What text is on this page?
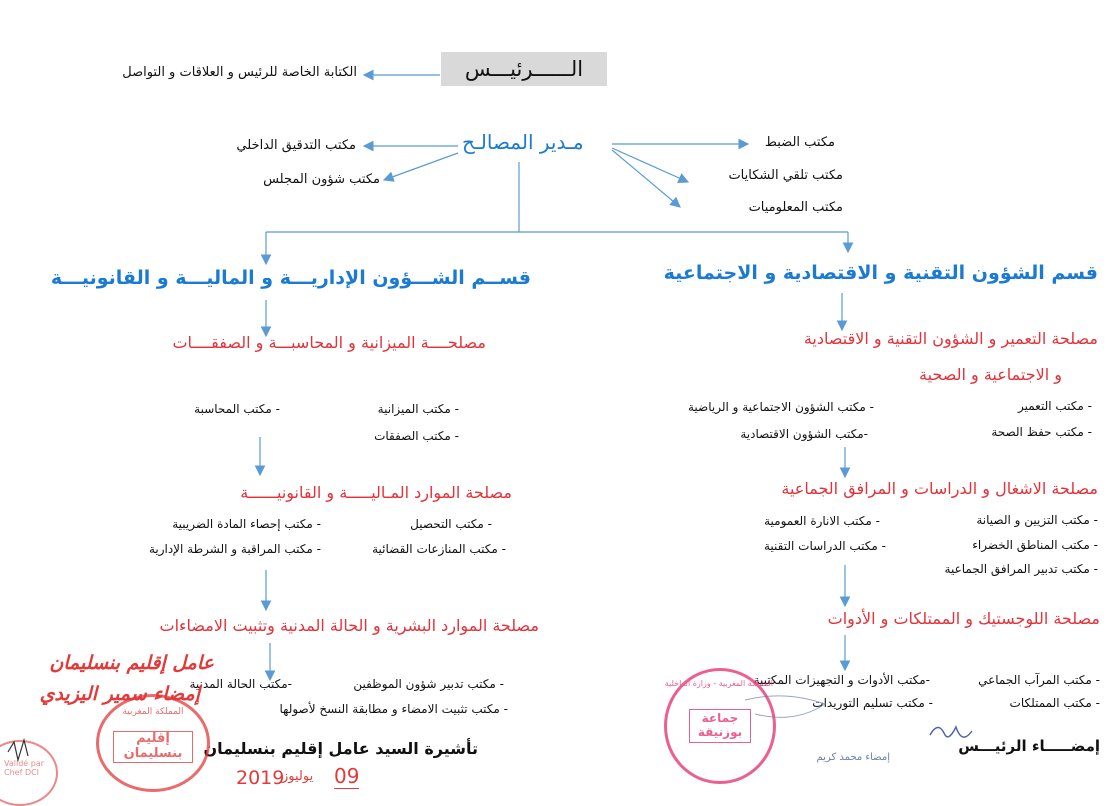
الــــــرئيـــس
الكتابة الخاصة للرئيس و العلاقات و التواصل
مـدير المصالـح
مكتب التدقيق الداخلي
مكتب شؤون المجلس
مكتب الضبط
مكتب تلقي الشكايات
مكتب المعلوميات
قسم الشؤون التقنية و الاقتصادية و الاجتماعية
قســم الشـــؤون الإداريـــة و الماليـــة و القانونيـــة
مصلحة التعمير و الشؤون التقنية و الاقتصادية
و الاجتماعية و الصحية
- مكتب التعمير
- مكتب حفظ الصحة
- مكتب الشؤون الاجتماعية و الرياضية
-مكتب الشؤون الاقتصادية
مصلحة الاشغال و الدراسات و المرافق الجماعية
- مكتب التزيين و الصيانة
- مكتب المناطق الخضراء
- مكتب تدبير المرافق الجماعية
- مكتب الانارة العمومية
- مكتب الدراسات التقنية
مصلحة اللوجستيك و الممتلكات و الأدوات
- مكتب المرآب الجماعي
- مكتب الممتلكات
-مكتب الأدوات و التجهيزات المكتبية
- مكتب تسليم التوريدات
مصلحــــة الميزانية و المحاسبـــة و الصفقــــات
- مكتب الميزانية
- مكتب الصفقات
- مكتب المحاسبة
مصلحة الموارد المـاليـــــة و القانونيــــــة
- مكتب التحصيل
- مكتب المنازعات القضائية
- مكتب إحصاء المادة الضريبية
- مكتب المراقبة و الشرطة الإدارية
مصلحة الموارد البشرية و الحالة المدنية وتثبيت الامضاءات
- مكتب تدبير شؤون الموظفين
- مكتب تثبيت الامضاء و مطابقة النسخ لأصولها
-مكتب الحالة المدنية
إمضـــــاء الرئيـــس
تأشيرة السيد عامل إقليم بنسليمان
عامل إقليم بنسليمان
إمضاء سمير اليزيدي
2019
يوليوز 09
المملكة المغربية
إقليم بنسليمان
Validé par Chef DCI
المملكة المغربية - وزارة الداخلية
جماعة بوزنيقة
إمضاء محمد كريم
